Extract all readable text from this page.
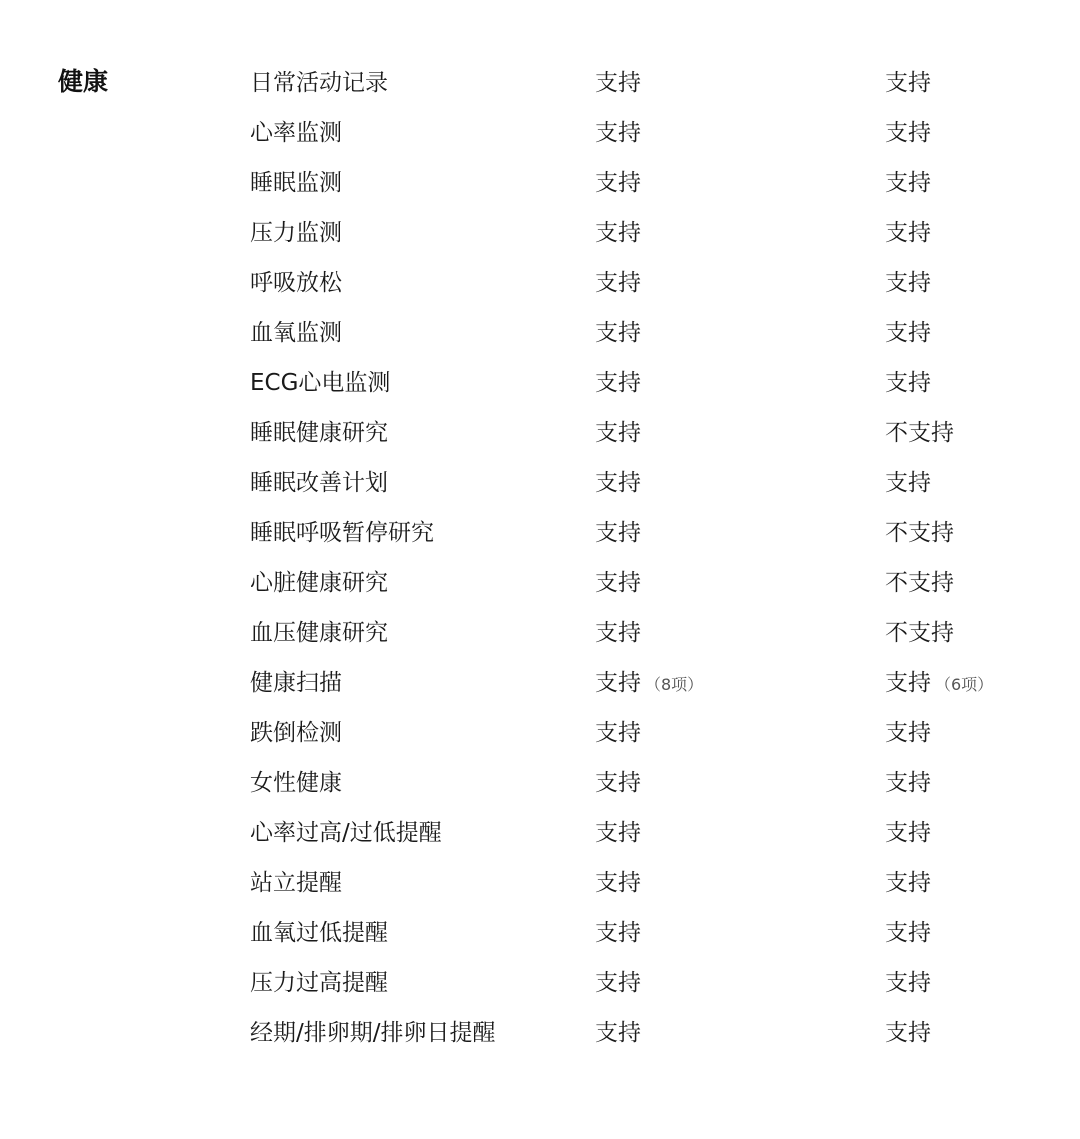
健康	日常活动记录	支持	支持
心率监测	支持	支持
睡眠监测	支持	支持
压力监测	支持	支持
呼吸放松	支持	支持
血氧监测	支持	支持
ECG心电监测	支持	支持
睡眠健康研究	支持	不支持
睡眠改善计划	支持	支持
睡眠呼吸暂停研究	支持	不支持
心脏健康研究	支持	不支持
血压健康研究	支持	不支持
健康扫描	支持 （8项）	支持 （6项）
跌倒检测	支持	支持
女性健康	支持	支持
心率过高/过低提醒	支持	支持
站立提醒	支持	支持
血氧过低提醒	支持	支持
压力过高提醒	支持	支持
经期/排卵期/排卵日提醒	支持	支持
